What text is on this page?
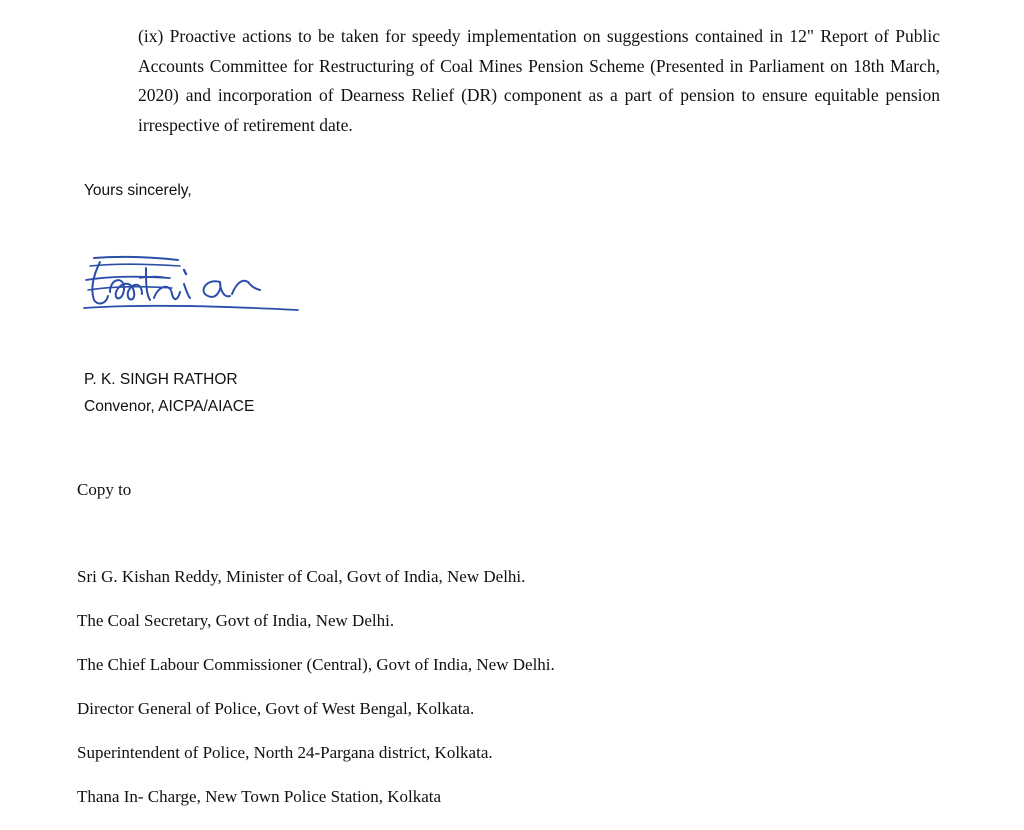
(ix) Proactive actions to be taken for speedy implementation on suggestions contained in 12" Report of Public Accounts Committee for Restructuring of Coal Mines Pension Scheme (Presented in Parliament on 18th March, 2020) and incorporation of Dearness Relief (DR) component as a part of pension to ensure equitable pension irrespective of retirement date.

Yours sincerely,

P. K. SINGH RATHOR
Convenor, AICPA/AIACE

Copy to

Sri G. Kishan Reddy, Minister of Coal, Govt of India, New Delhi.
The Coal Secretary, Govt of India, New Delhi.
The Chief Labour Commissioner (Central), Govt of India, New Delhi.
Director General of Police, Govt of West Bengal, Kolkata.
Superintendent of Police, North 24-Pargana district, Kolkata.
Thana In- Charge, New Town Police Station, Kolkata
